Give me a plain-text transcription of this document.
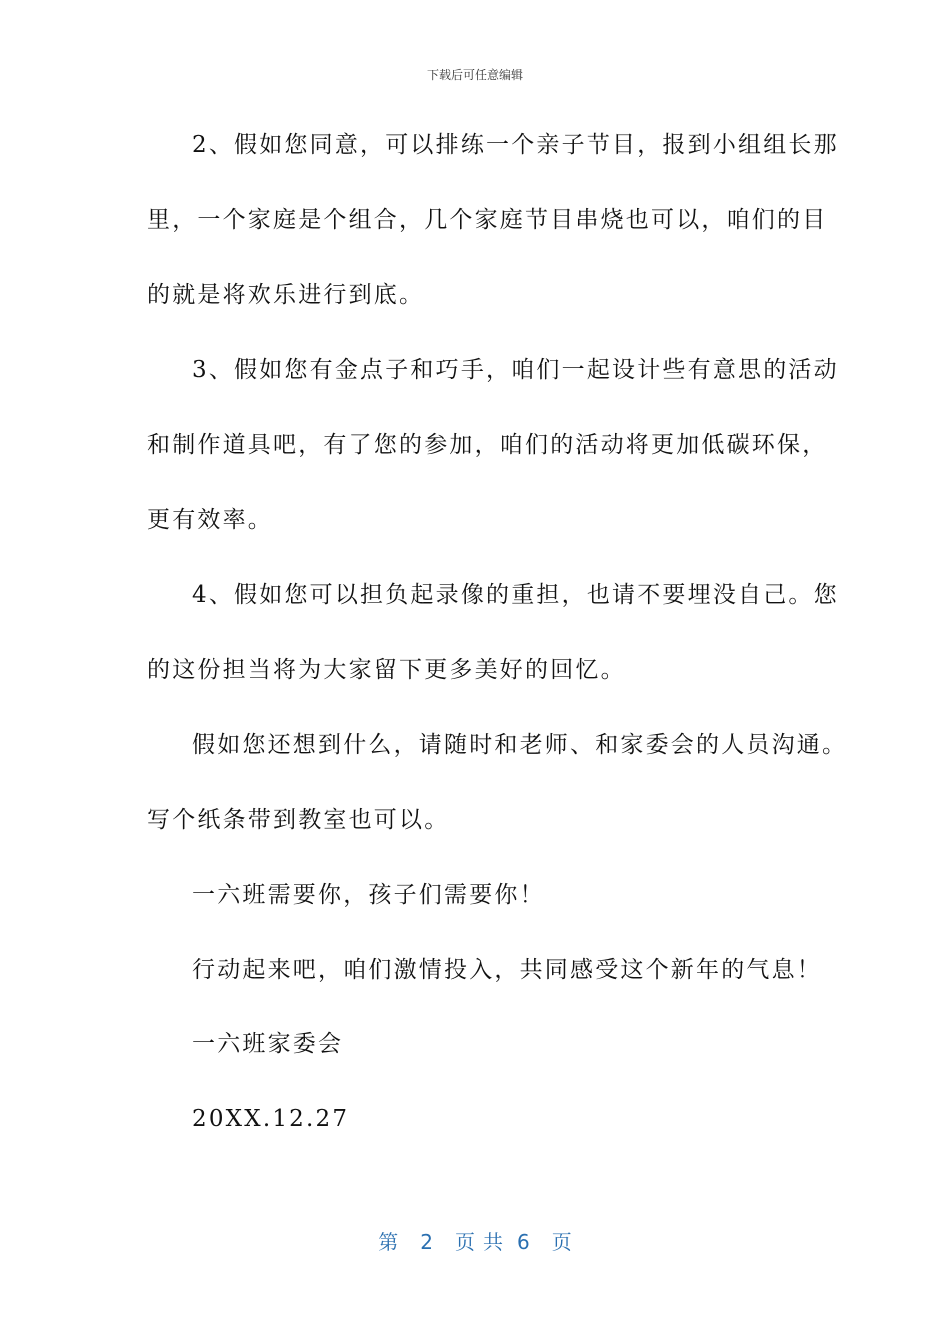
下载后可任意编辑
2、假如您同意，可以排练一个亲子节目，报到小组组长那
里，一个家庭是个组合，几个家庭节目串烧也可以，咱们的目
的就是将欢乐进行到底。
3、假如您有金点子和巧手，咱们一起设计些有意思的活动
和制作道具吧，有了您的参加，咱们的活动将更加低碳环保，
更有效率。
4、假如您可以担负起录像的重担，也请不要埋没自己。您
的这份担当将为大家留下更多美好的回忆。
假如您还想到什么，请随时和老师、和家委会的人员沟通。
写个纸条带到教室也可以。
一六班需要你，孩子们需要你！
行动起来吧，咱们激情投入，共同感受这个新年的气息！
一六班家委会
20XX.12.27
第 2 页共 6 页
